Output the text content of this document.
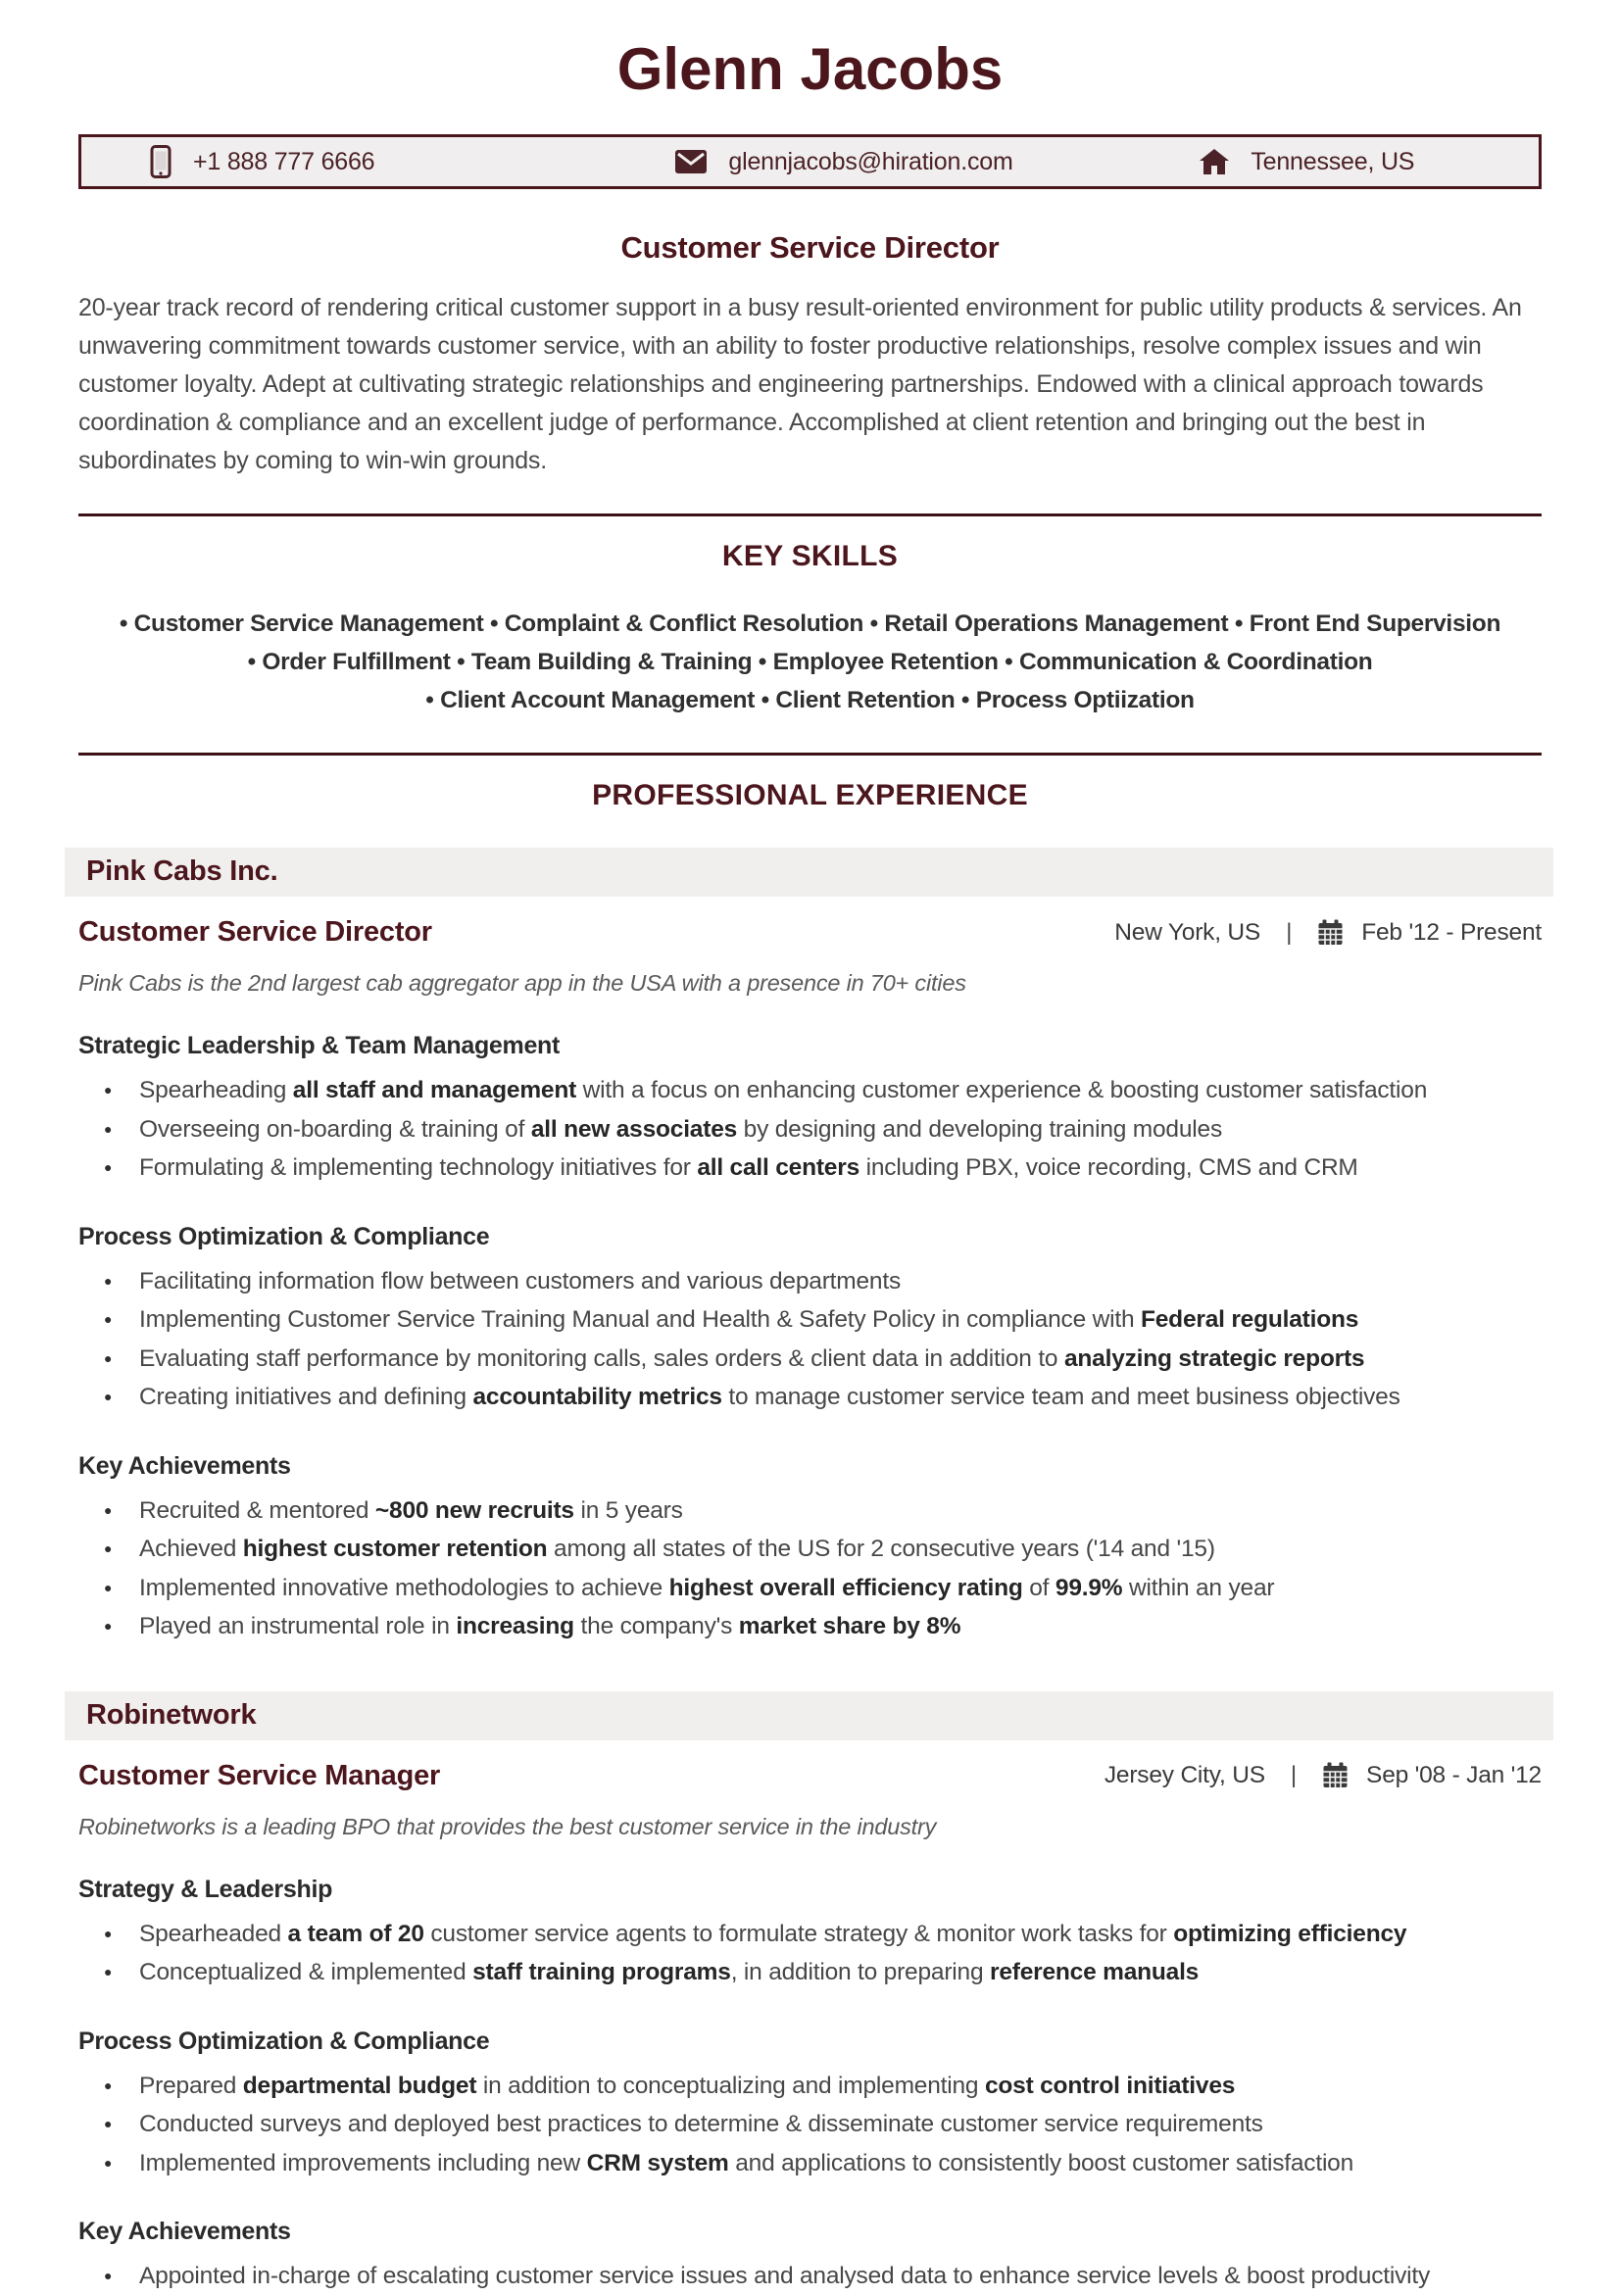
Glenn Jacobs
+1 888 777 6666	glennjacobs@hiration.com	Tennessee, US
Customer Service Director

20-year track record of rendering critical customer support in a busy result-oriented environment for public utility products & services. An unwavering commitment towards customer service, with an ability to foster productive relationships, resolve complex issues and win customer loyalty. Adept at cultivating strategic relationships and engineering partnerships. Endowed with a clinical approach towards coordination & compliance and an excellent judge of performance. Accomplished at client retention and bringing out the best in subordinates by coming to win-win grounds.

KEY SKILLS
• Customer Service Management • Complaint & Conflict Resolution • Retail Operations Management • Front End Supervision
• Order Fulfillment • Team Building & Training • Employee Retention • Communication & Coordination
• Client Account Management • Client Retention • Process Optiization
PROFESSIONAL EXPERIENCE
Pink Cabs Inc.
Customer Service Director	New York, US |	Feb '12 - Present

Pink Cabs is the 2nd largest cab aggregator app in the USA with a presence in 70+ cities

Strategic Leadership & Team Management
● Spearheading all staff and management with a focus on enhancing customer experience & boosting customer satisfaction
● Overseeing on-boarding & training of all new associates by designing and developing training modules
● Formulating & implementing technology initiatives for all call centers including PBX, voice recording, CMS and CRM
Process Optimization & Compliance
● Facilitating information flow between customers and various departments
● Implementing Customer Service Training Manual and Health & Safety Policy in compliance with Federal regulations
● Evaluating staff performance by monitoring calls, sales orders & client data in addition to analyzing strategic reports
● Creating initiatives and defining accountability metrics to manage customer service team and meet business objectives
Key Achievements
● Recruited & mentored ~800 new recruits in 5 years
● Achieved highest customer retention among all states of the US for 2 consecutive years ('14 and '15)
● Implemented innovative methodologies to achieve highest overall efficiency rating of 99.9% within an year
● Played an instrumental role in increasing the company's market share by 8%
Robinetwork
Customer Service Manager	Jersey City, US |	Sep '08 - Jan '12

Robinetworks is a leading BPO that provides the best customer service in the industry

Strategy & Leadership
● Spearheaded a team of 20 customer service agents to formulate strategy & monitor work tasks for optimizing efficiency
● Conceptualized & implemented staff training programs, in addition to preparing reference manuals
Process Optimization & Compliance
● Prepared departmental budget in addition to conceptualizing and implementing cost control initiatives
● Conducted surveys and deployed best practices to determine & disseminate customer service requirements
● Implemented improvements including new CRM system and applications to consistently boost customer satisfaction
Key Achievements
● Appointed in-charge of escalating customer service issues and analysed data to enhance service levels & boost productivity
